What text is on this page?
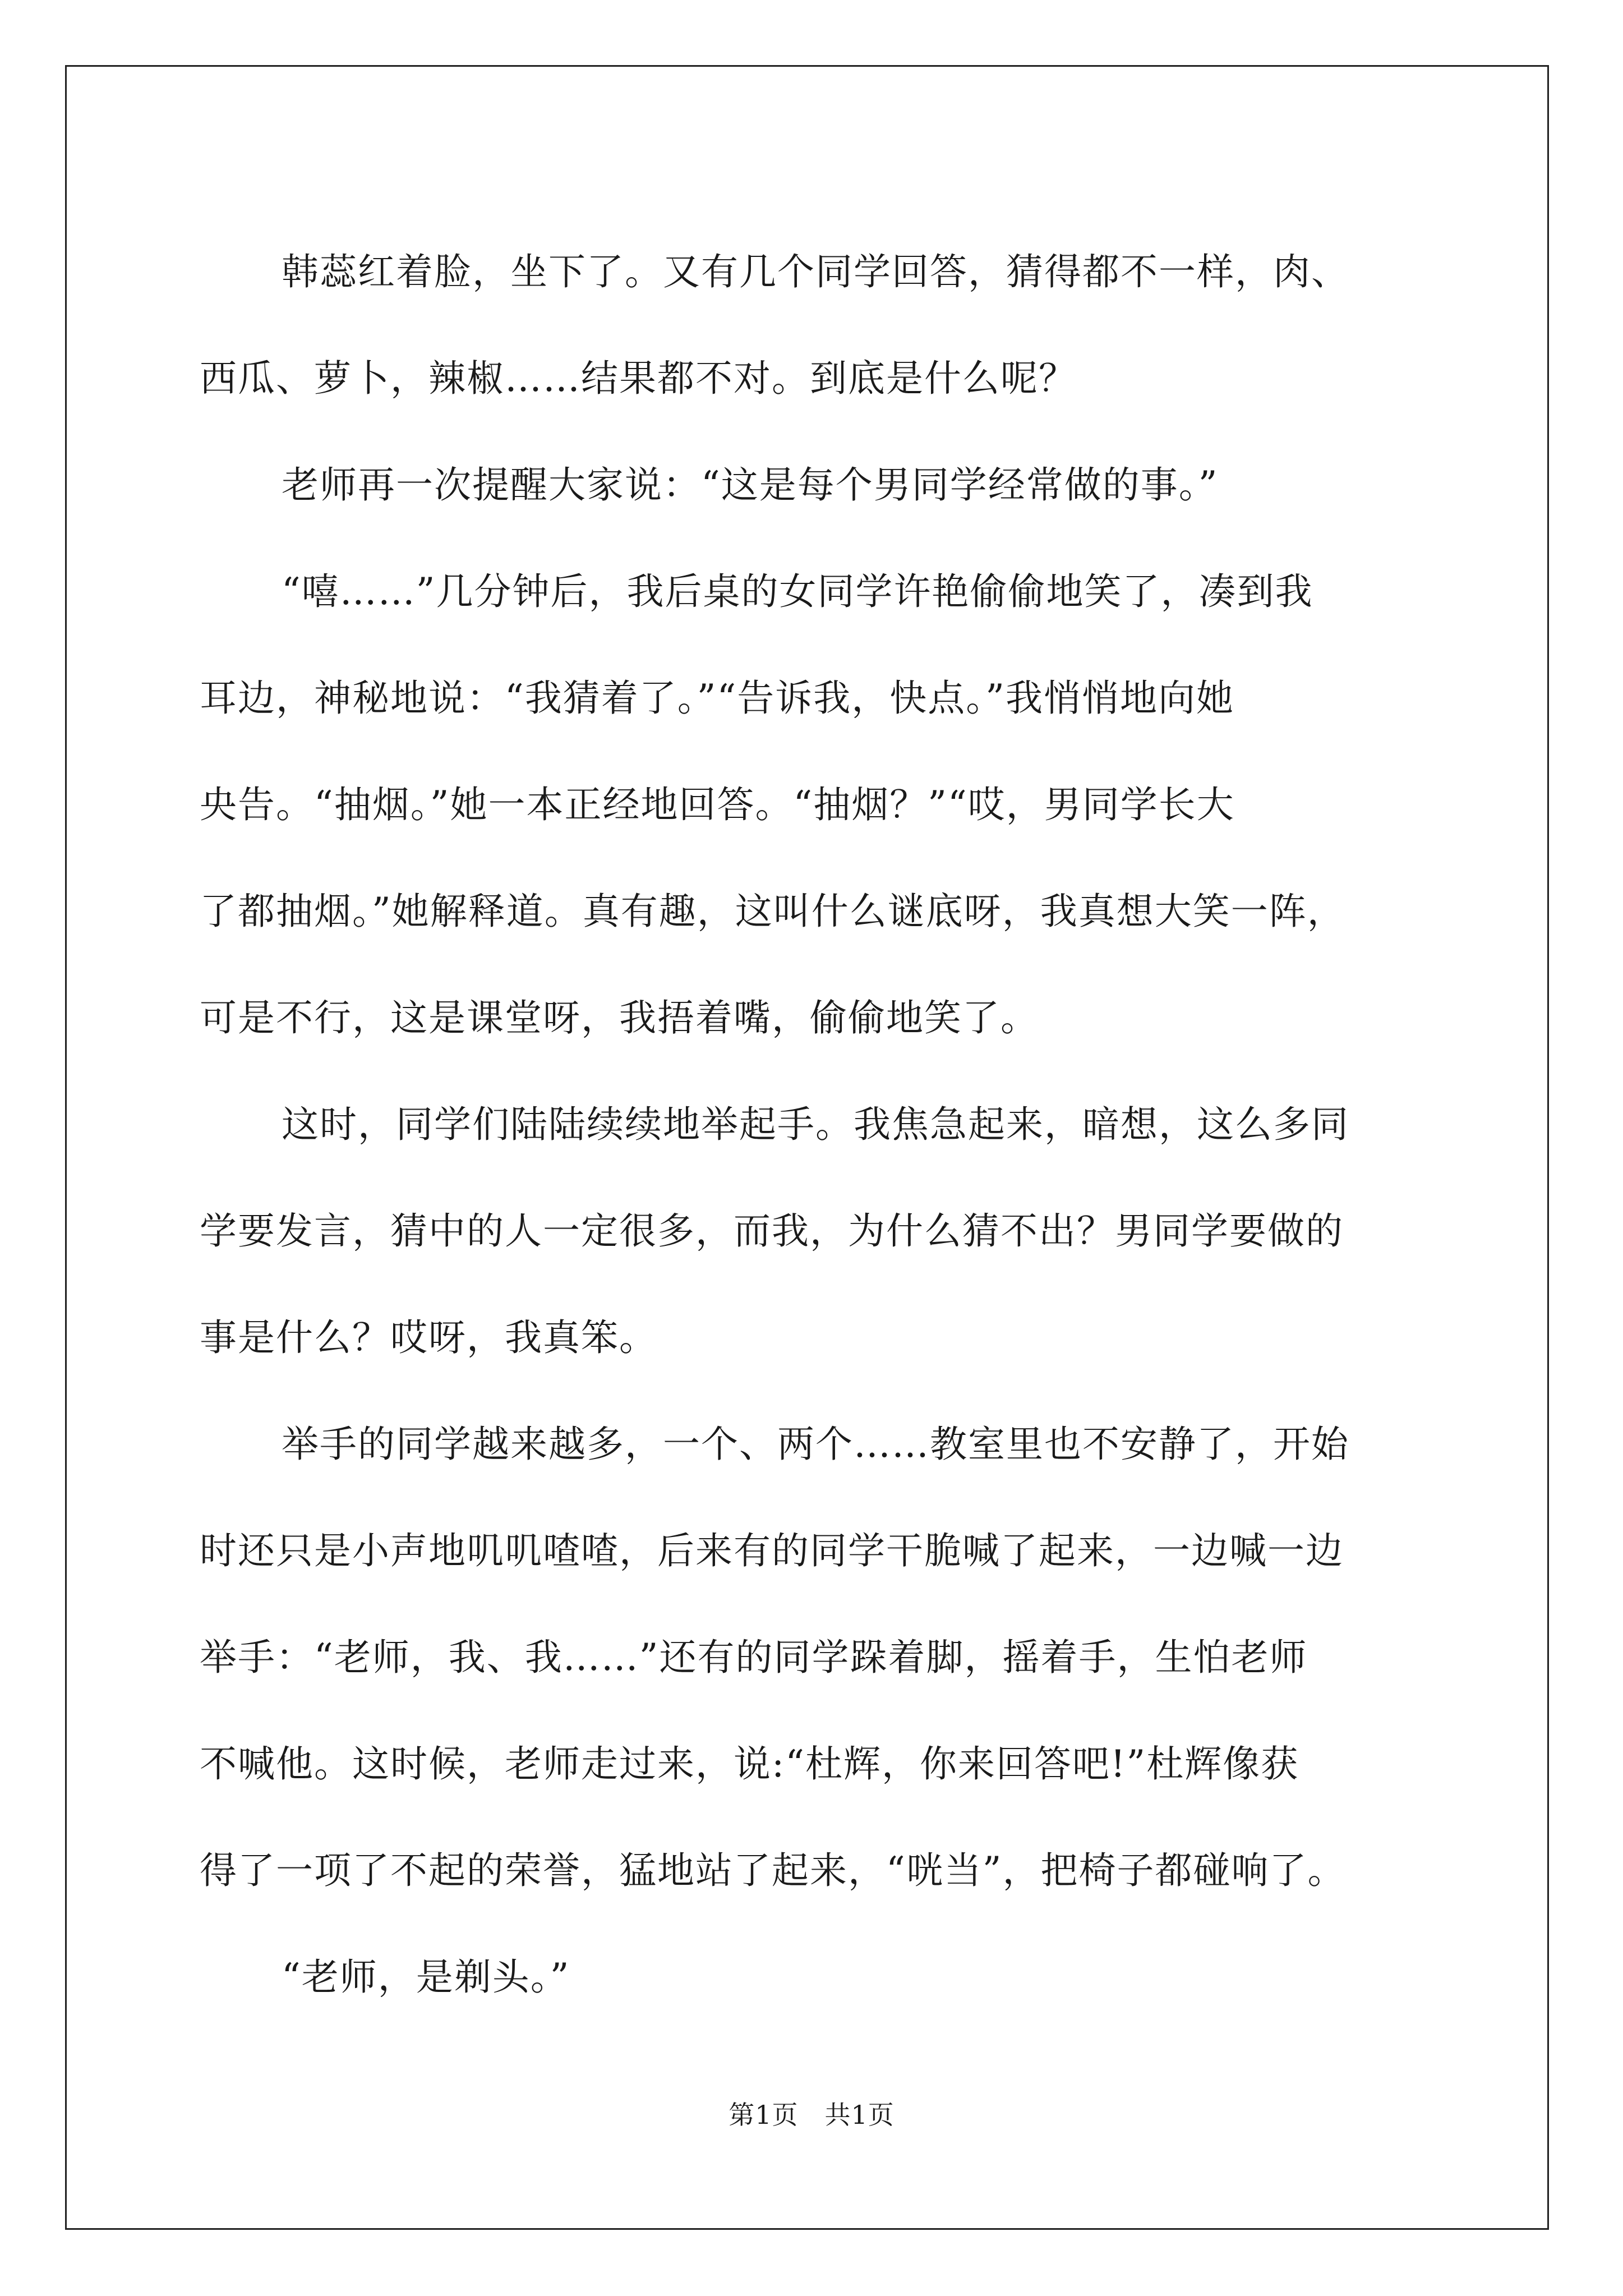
韩蕊红着脸，坐下了。又有几个同学回答，猜得都不一样，肉、
西瓜、萝卜，辣椒……结果都不对。到底是什么呢？
老师再一次提醒大家说：“这是每个男同学经常做的事。”
“嘻……”几分钟后，我后桌的女同学许艳偷偷地笑了，凑到我
耳边，神秘地说：“我猜着了。”“告诉我，快点。”我悄悄地向她
央告。“抽烟。”她一本正经地回答。“抽烟？”“哎，男同学长大
了都抽烟。”她解释道。真有趣，这叫什么谜底呀，我真想大笑一阵，
可是不行，这是课堂呀，我捂着嘴，偷偷地笑了。
这时，同学们陆陆续续地举起手。我焦急起来，暗想，这么多同
学要发言，猜中的人一定很多，而我，为什么猜不出？男同学要做的
事是什么？哎呀，我真笨。
举手的同学越来越多，一个、两个……教室里也不安静了，开始
时还只是小声地叽叽喳喳，后来有的同学干脆喊了起来，一边喊一边
举手：“老师，我、我……”还有的同学跺着脚，摇着手，生怕老师
不喊他。这时候，老师走过来，说:“杜辉，你来回答吧!”杜辉像获
得了一项了不起的荣誉，猛地站了起来，“咣当”，把椅子都碰响了。
“老师，是剃头。”
第1页　共1页
